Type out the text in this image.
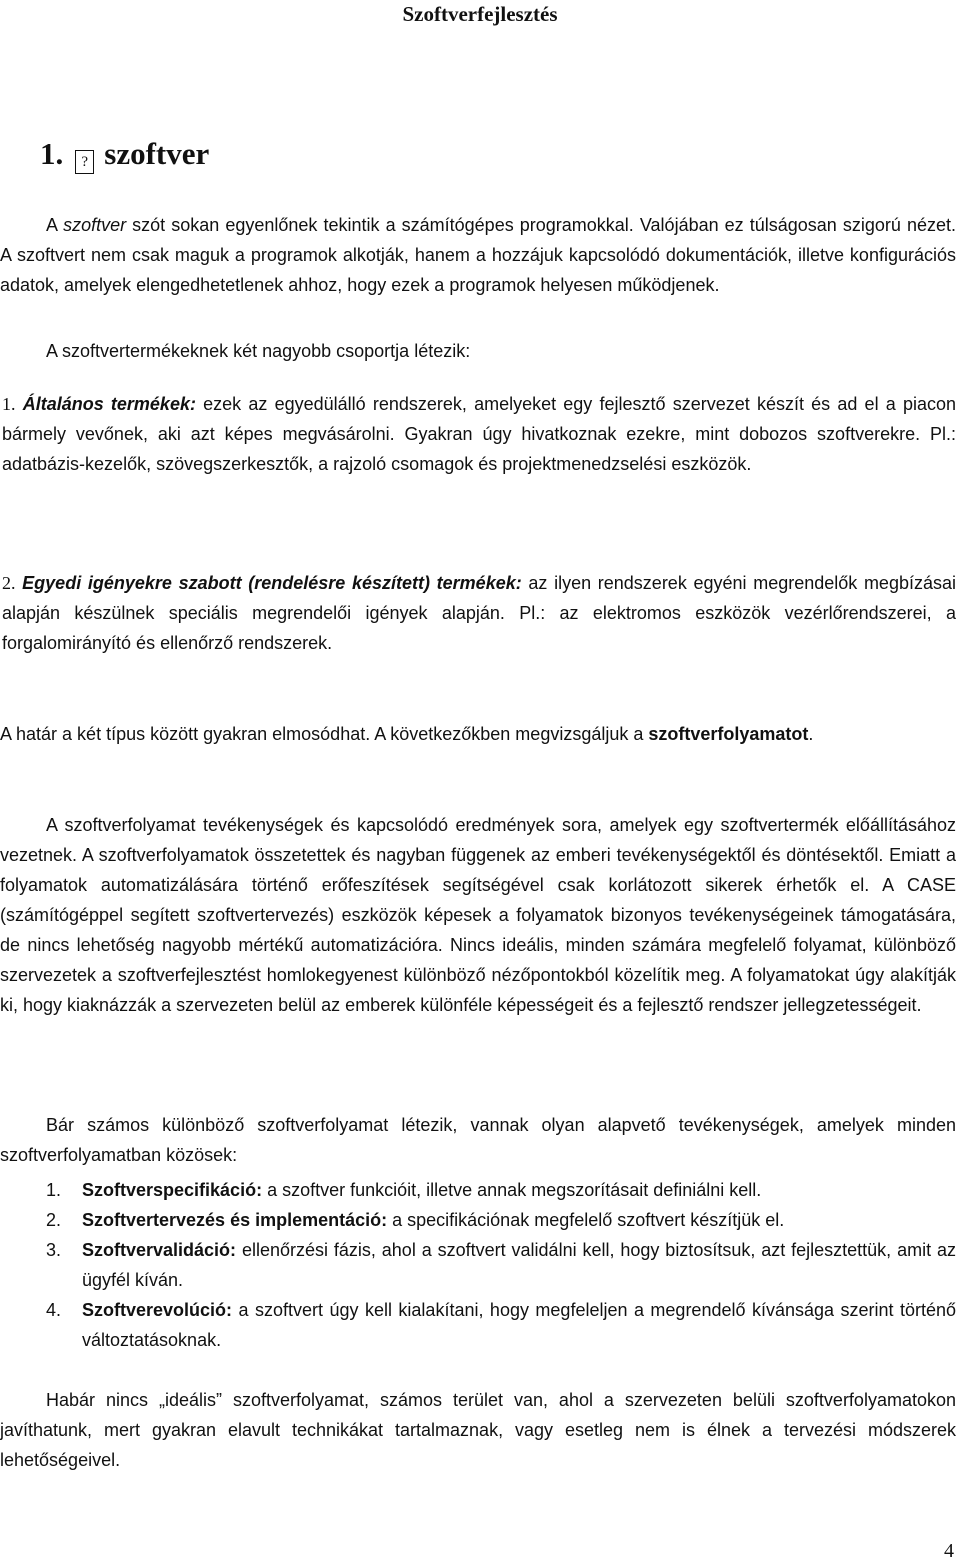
Szoftverfejlesztés
1. ? szoftver

A szoftver szót sokan egyenlőnek tekintik a számítógépes programokkal. Valójában ez túlságosan szigorú nézet. A szoftvert nem csak maguk a programok alkotják, hanem a hozzájuk kapcsolódó dokumentációk, illetve konfigurációs adatok, amelyek elengedhetetlenek ahhoz, hogy ezek a programok helyesen működjenek.

A szoftvertermékeknek két nagyobb csoportja létezik:

1. Általános termékek: ezek az egyedülálló rendszerek, amelyeket egy fejlesztő szervezet készít és ad el a piacon bármely vevőnek, aki azt képes megvásárolni. Gyakran úgy hivatkoznak ezekre, mint dobozos szoftverekre. Pl.: adatbázis-kezelők, szövegszerkesztők, a rajzoló csomagok és projektmenedzselési eszközök.

2. Egyedi igényekre szabott (rendelésre készített) termékek: az ilyen rendszerek egyéni megrendelők megbízásai alapján készülnek speciális megrendelői igények alapján. Pl.: az elektromos eszközök vezérlőrendszerei, a forgalomirányító és ellenőrző rendszerek.

A határ a két típus között gyakran elmosódhat. A következőkben megvizsgáljuk a szoftverfolyamatot.

A szoftverfolyamat tevékenységek és kapcsolódó eredmények sora, amelyek egy szoftvertermék előállításához vezetnek. A szoftverfolyamatok összetettek és nagyban függenek az emberi tevékenységektől és döntésektől. Emiatt a folyamatok automatizálására történő erőfeszítések segítségével csak korlátozott sikerek érhetők el. A CASE (számítógéppel segített szoftvertervezés) eszközök képesek a folyamatok bizonyos tevékenységeinek támogatására, de nincs lehetőség nagyobb mértékű automatizációra. Nincs ideális, minden számára megfelelő folyamat, különböző szervezetek a szoftverfejlesztést homlokegyenest különböző nézőpontokból közelítik meg. A folyamatokat úgy alakítják ki, hogy kiaknázzák a szervezeten belül az emberek különféle képességeit és a fejlesztő rendszer jellegzetességeit.

Bár számos különböző szoftverfolyamat létezik, vannak olyan alapvető tevékenységek, amelyek minden szoftverfolyamatban közösek:

1. Szoftverspecifikáció: a szoftver funkcióit, illetve annak megszorításait definiálni kell.
2. Szoftvertervezés és implementáció: a specifikációnak megfelelő szoftvert készítjük el.
3. Szoftvervalidáció: ellenőrzési fázis, ahol a szoftvert validálni kell, hogy biztosítsuk, azt fejlesztettük, amit az ügyfél kíván.
4. Szoftverevolúció: a szoftvert úgy kell kialakítani, hogy megfeleljen a megrendelő kívánsága szerint történő változtatásoknak.

Habár nincs „ideális” szoftverfolyamat, számos terület van, ahol a szervezeten belüli szoftverfolyamatokon javíthatunk, mert gyakran elavult technikákat tartalmaznak, vagy esetleg nem is élnek a tervezési módszerek lehetőségeivel.

4
